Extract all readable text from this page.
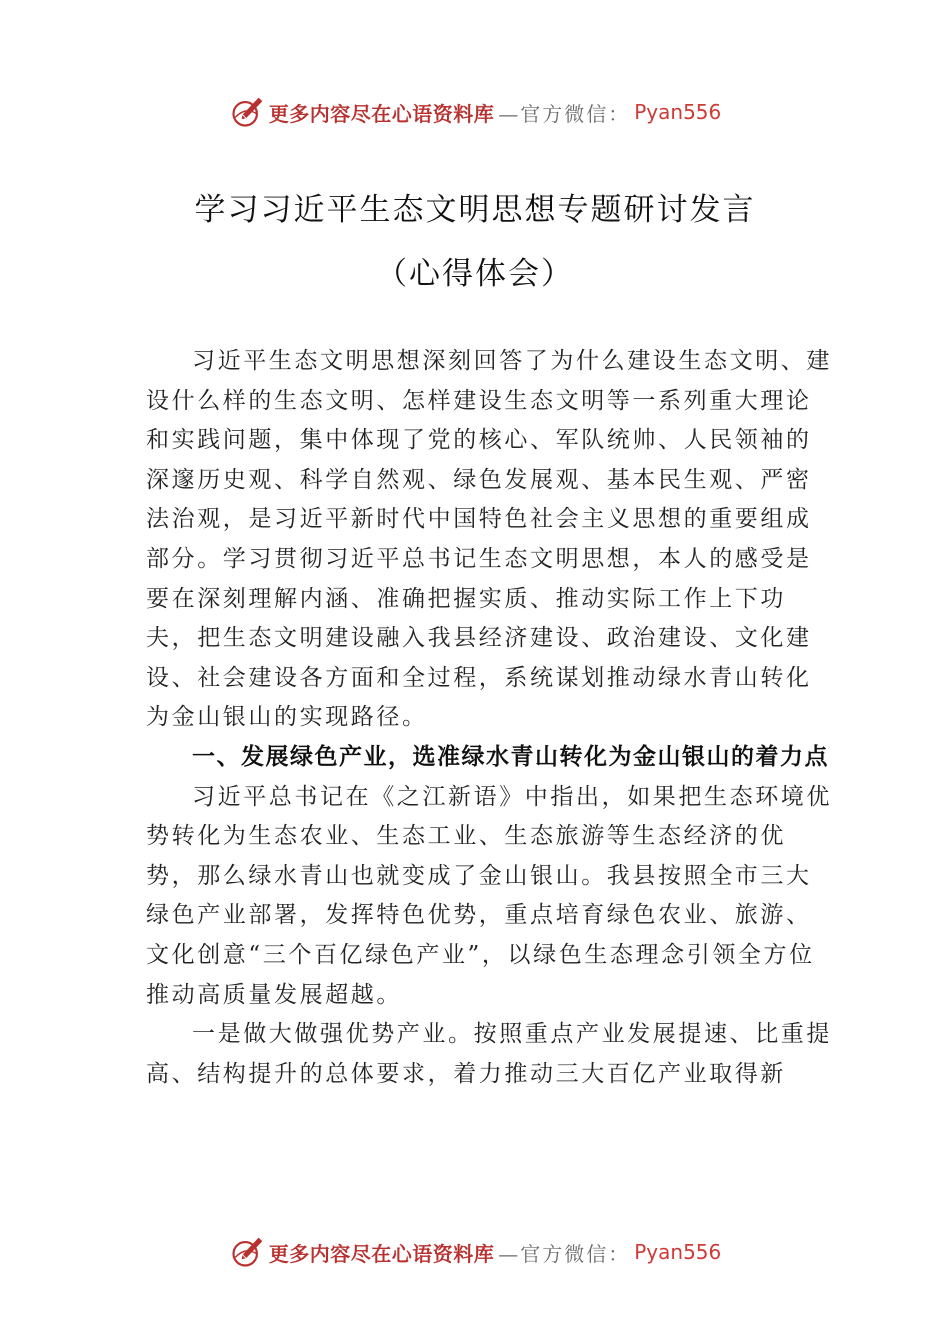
更多内容尽在心语资料库 —官方微信： Pyan556
学习习近平生态文明思想专题研讨发言
（心得体会）

习近平生态文明思想深刻回答了为什么建设生态文明、建设什么样的生态文明、怎样建设生态文明等一系列重大理论和实践问题，集中体现了党的核心、军队统帅、人民领袖的深邃历史观、科学自然观、绿色发展观、基本民生观、严密法治观，是习近平新时代中国特色社会主义思想的重要组成部分。学习贯彻习近平总书记生态文明思想，本人的感受是要在深刻理解内涵、准确把握实质、推动实际工作上下功夫，把生态文明建设融入我县经济建设、政治建设、文化建设、社会建设各方面和全过程，系统谋划推动绿水青山转化为金山银山的实现路径。

一、发展绿色产业，选准绿水青山转化为金山银山的着力点

习近平总书记在《之江新语》中指出，如果把生态环境优势转化为生态农业、生态工业、生态旅游等生态经济的优势，那么绿水青山也就变成了金山银山。我县按照全市三大绿色产业部署，发挥特色优势，重点培育绿色农业、旅游、 文化创意“三个百亿绿色产业”，以绿色生态理念引领全方位推动高质量发展超越。

一是做大做强优势产业。按照重点产业发展提速、比重提高、结构提升的总体要求，着力推动三大百亿产业取得新

更多内容尽在心语资料库 —官方微信： Pyan556
